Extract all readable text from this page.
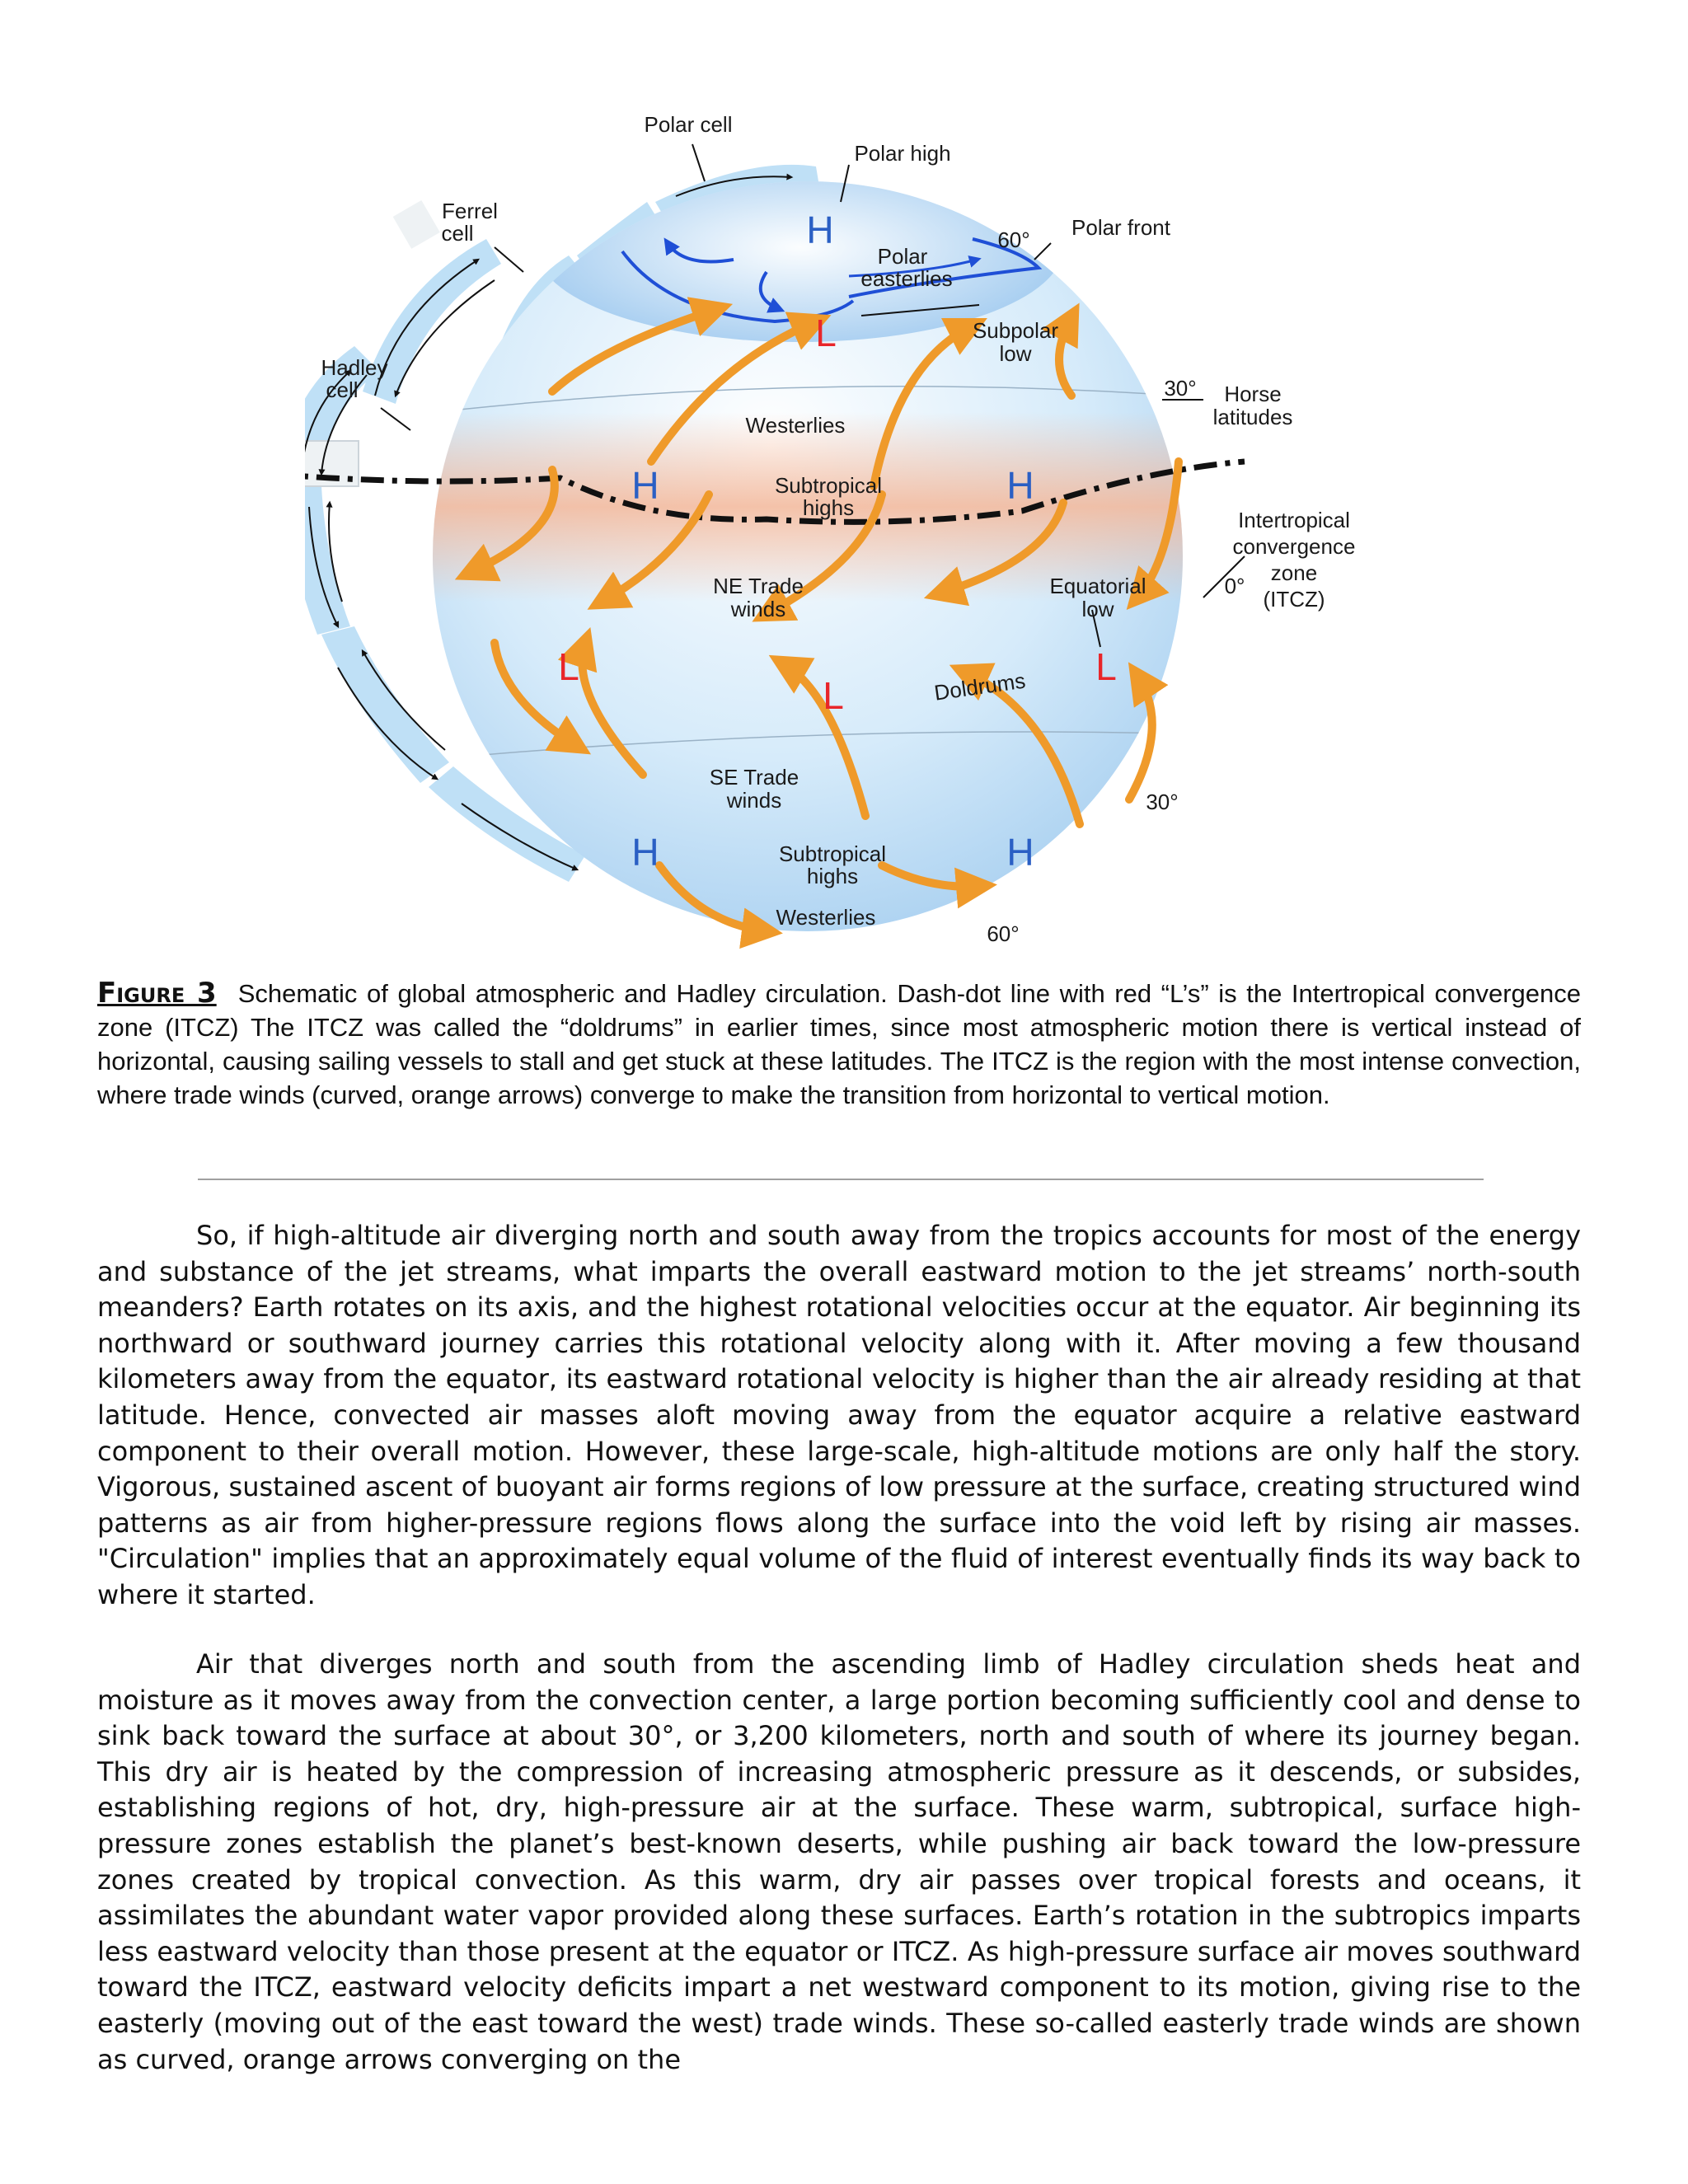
H
L
H	H
L
L
L
H	H
Polar cell
Polar high
Ferrel
cell
Hadley
cell
60° Polar front
Polar
easterlies
Subpolar
low
30° Horse
latitudes
Westerlies
Subtropical
highs	Intertropical
convergence
zone
(ITCZ)
0°
NE Trade
winds
Equatorial
low
Doldrums
SE Trade
winds	30°
Subtropical
highs
Westerlies
60°
Figure 3 Schematic of global atmospheric and Hadley circulation. Dash-dot line with red “L’s” is the Intertropical convergence zone (ITCZ) The ITCZ was called the “doldrums” in earlier times, since most atmospheric motion there is vertical instead of horizontal, causing sailing vessels to stall and get stuck at these latitudes. The ITCZ is the region with the most intense convection, where trade winds (curved, orange arrows) converge to make the transition from horizontal to vertical motion.

So, if high-altitude air diverging north and south away from the tropics accounts for most of the energy and substance of the jet streams, what imparts the overall eastward motion to the jet streams’ north-south meanders? Earth rotates on its axis, and the highest rotational velocities occur at the equator. Air beginning its northward or southward journey carries this rotational velocity along with it. After moving a few thousand kilometers away from the equator, its eastward rotational velocity is higher than the air already residing at that latitude. Hence, convected air masses aloft moving away from the equator acquire a relative eastward component to their overall motion. However, these large-scale, high-altitude motions are only half the story. Vigorous, sustained ascent of buoyant air forms regions of low pressure at the surface, creating structured wind patterns as air from higher-pressure regions flows along the surface into the void left by rising air masses. "Circulation" implies that an approximately equal volume of the fluid of interest eventually finds its way back to where it started.

Air that diverges north and south from the ascending limb of Hadley circulation sheds heat and moisture as it moves away from the convection center, a large portion becoming sufficiently cool and dense to sink back toward the surface at about 30°, or 3,200 kilometers, north and south of where its journey began. This dry air is heated by the compression of increasing atmospheric pressure as it descends, or subsides, establishing regions of hot, dry, high-pressure air at the surface. These warm, subtropical, surface high-pressure zones establish the planet’s best-known deserts, while pushing air back toward the low-pressure zones created by tropical convection. As this warm, dry air passes over tropical forests and oceans, it assimilates the abundant water vapor provided along these surfaces. Earth’s rotation in the subtropics imparts less eastward velocity than those present at the equator or ITCZ. As high-pressure surface air moves southward toward the ITCZ, eastward velocity deficits impart a net westward component to its motion, giving rise to the easterly (moving out of the east toward the west) trade winds. These so-called easterly trade winds are shown as curved, orange arrows converging on the
